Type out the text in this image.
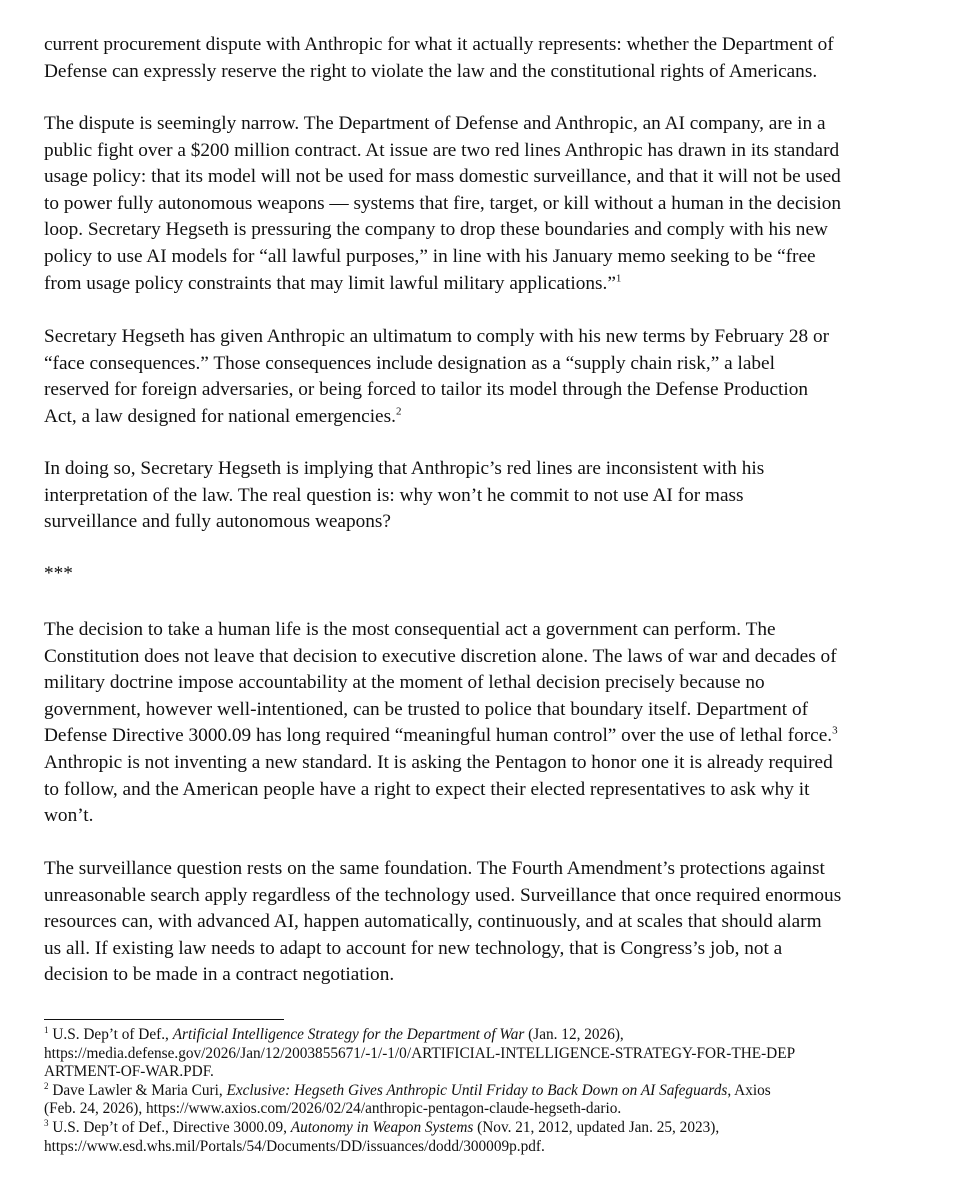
current procurement dispute with Anthropic for what it actually represents: whether the Department of
Defense can expressly reserve the right to violate the law and the constitutional rights of Americans.
The dispute is seemingly narrow. The Department of Defense and Anthropic, an AI company, are in a
public fight over a $200 million contract. At issue are two red lines Anthropic has drawn in its standard
usage policy: that its model will not be used for mass domestic surveillance, and that it will not be used
to power fully autonomous weapons — systems that fire, target, or kill without a human in the decision
loop. Secretary Hegseth is pressuring the company to drop these boundaries and comply with his new
policy to use AI models for “all lawful purposes,” in line with his January memo seeking to be “free
from usage policy constraints that may limit lawful military applications.”$^1$
Secretary Hegseth has given Anthropic an ultimatum to comply with his new terms by February 28 or
“face consequences.” Those consequences include designation as a “supply chain risk,” a label
reserved for foreign adversaries, or being forced to tailor its model through the Defense Production
Act, a law designed for national emergencies.$^2$
In doing so, Secretary Hegseth is implying that Anthropic’s red lines are inconsistent with his
interpretation of the law. The real question is: why won’t he commit to not use AI for mass
surveillance and fully autonomous weapons?
***
The decision to take a human life is the most consequential act a government can perform. The
Constitution does not leave that decision to executive discretion alone. The laws of war and decades of
military doctrine impose accountability at the moment of lethal decision precisely because no
government, however well-intentioned, can be trusted to police that boundary itself. Department of
Defense Directive 3000.09 has long required “meaningful human control” over the use of lethal force.$^3$
Anthropic is not inventing a new standard. It is asking the Pentagon to honor one it is already required
to follow, and the American people have a right to expect their elected representatives to ask why it
won’t.
The surveillance question rests on the same foundation. The Fourth Amendment’s protections against
unreasonable search apply regardless of the technology used. Surveillance that once required enormous
resources can, with advanced AI, happen automatically, continuously, and at scales that should alarm
us all. If existing law needs to adapt to account for new technology, that is Congress’s job, not a
decision to be made in a contract negotiation.

$^1$ U.S. Dep’t of Def., Artificial Intelligence Strategy for the Department of War (Jan. 12, 2026),

https://media.defense.gov/2026/Jan/12/2003855671/-1/-1/0/ARTIFICIAL-INTELLIGENCE-STRATEGY-FOR-THE-DEP

ARTMENT-OF-WAR.PDF.

$^2$ Dave Lawler & Maria Curi, Exclusive: Hegseth Gives Anthropic Until Friday to Back Down on AI Safeguards, Axios

(Feb. 24, 2026), https://www.axios.com/2026/02/24/anthropic-pentagon-claude-hegseth-dario.

$^3$ U.S. Dep’t of Def., Directive 3000.09, Autonomy in Weapon Systems (Nov. 21, 2012, updated Jan. 25, 2023),

https://www.esd.whs.mil/Portals/54/Documents/DD/issuances/dodd/300009p.pdf.
